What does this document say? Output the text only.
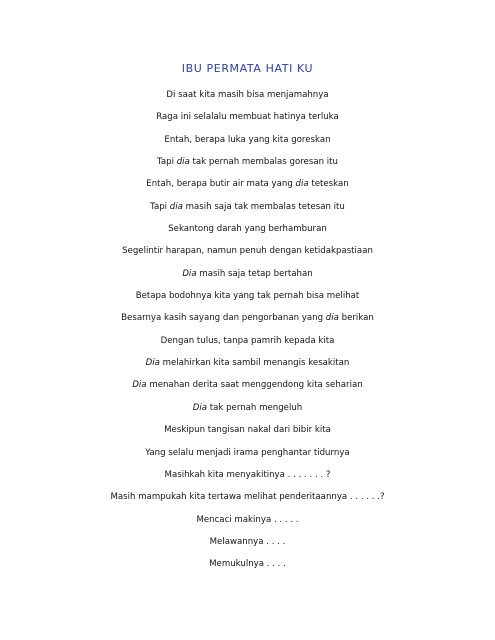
IBU PERMATA HATI KU
Di saat kita masih bisa menjamahnya
Raga ini selalalu membuat hatinya terluka
Entah, berapa luka yang kita goreskan
Tapi dia tak pernah membalas goresan itu
Entah, berapa butir air mata yang dia teteskan
Tapi dia masih saja tak membalas tetesan itu
Sekantong darah yang berhamburan
Segelintir harapan, namun penuh dengan ketidakpastiaan
Dia masih saja tetap bertahan
Betapa bodohnya kita yang tak pernah bisa melihat
Besarnya kasih sayang dan pengorbanan yang dia berikan
Dengan tulus, tanpa pamrih kepada kita
Dia melahirkan kita sambil menangis kesakitan
Dia menahan derita saat menggendong kita seharian
Dia tak pernah mengeluh
Meskipun tangisan nakal dari bibir kita
Yang selalu menjadi irama penghantar tidurnya
Masihkah kita menyakitinya . . . . . . . ?
Masih mampukah kita tertawa melihat penderitaannya . . . . . .?
Mencaci makinya . . . . .
Melawannya . . . .
Memukulnya . . . .
